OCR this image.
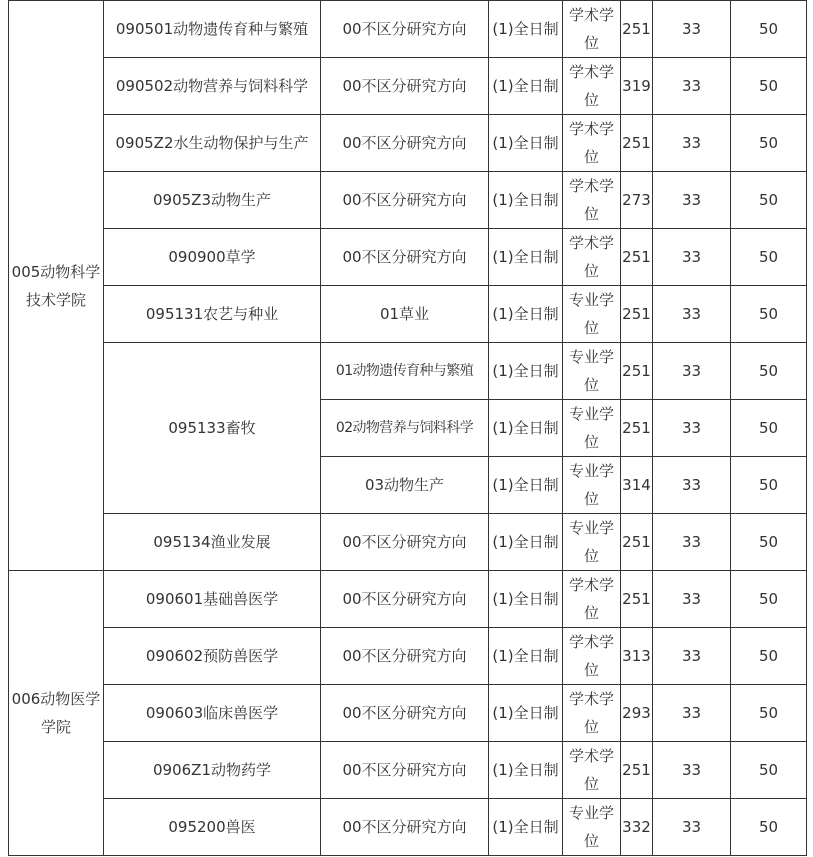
005动物科学技术学院	090501动物遗传育种与繁殖	00不区分研究方向	(1)全日制	学术学位	251	33	50
	090502动物营养与饲料科学	00不区分研究方向	(1)全日制	学术学位	319	33	50
	0905Z2水生动物保护与生产	00不区分研究方向	(1)全日制	学术学位	251	33	50
	0905Z3动物生产	00不区分研究方向	(1)全日制	学术学位	273	33	50
	090900草学	00不区分研究方向	(1)全日制	学术学位	251	33	50
	095131农艺与种业	01草业	(1)全日制	专业学位	251	33	50
	095133畜牧	01动物遗传育种与繁殖	(1)全日制	专业学位	251	33	50
		02动物营养与饲料科学	(1)全日制	专业学位	251	33	50
		03动物生产	(1)全日制	专业学位	314	33	50
	095134渔业发展	00不区分研究方向	(1)全日制	专业学位	251	33	50
006动物医学学院	090601基础兽医学	00不区分研究方向	(1)全日制	学术学位	251	33	50
	090602预防兽医学	00不区分研究方向	(1)全日制	学术学位	313	33	50
	090603临床兽医学	00不区分研究方向	(1)全日制	学术学位	293	33	50
	0906Z1动物药学	00不区分研究方向	(1)全日制	学术学位	251	33	50
	095200兽医	00不区分研究方向	(1)全日制	专业学位	332	33	50
